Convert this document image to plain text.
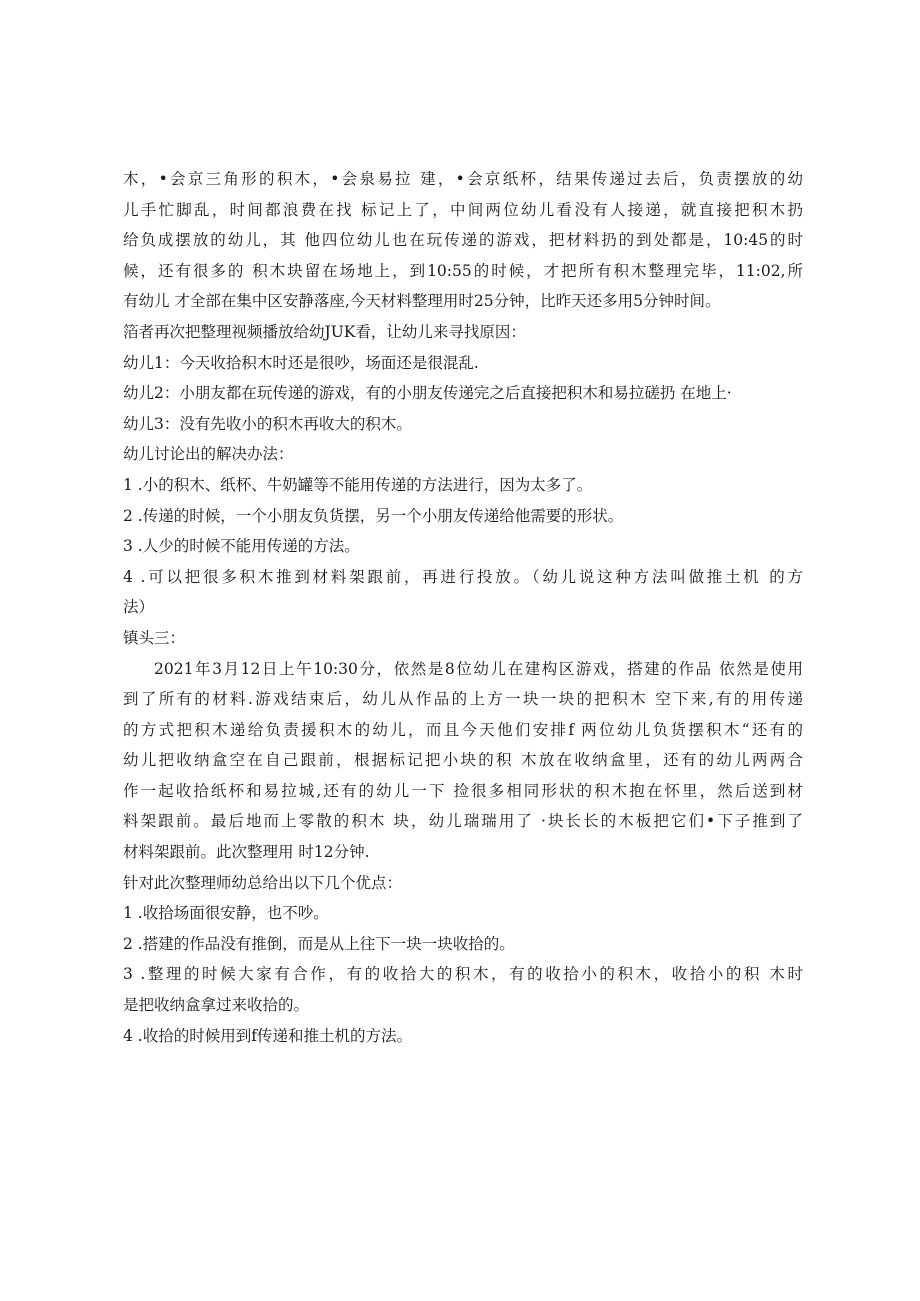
木，•会京三角形的积木，•会泉易拉 建，•会京纸杯，结果传递过去后，负责摆放的幼
儿手忙脚乱，时间都浪费在找 标记上了，中间两位幼儿看没有人接递，就直接把积木扔
给负成摆放的幼儿，其 他四位幼儿也在玩传递的游戏，把材料扔的到处都是，10:45的时
候，还有很多的 积木块留在场地上，到10:55的时候，才把所有积木整理完毕，11:02,所
有幼儿 才全部在集中区安静落座,今天材料整理用时25分钟，比昨天还多用5分钟时间。
箔者再次把整理视频播放给幼JUK看，让幼儿来寻找原因：
幼儿1：今天收拾积木时还是很吵，场面还是很混乱.
幼儿2：小朋友都在玩传递的游戏，有的小朋友传递完之后直接把积木和易拉磋扔 在地上·
幼儿3：没有先收小的积木再收大的积木。
幼儿讨论出的解决办法：
1 .小的积木、纸杯、牛奶罐等不能用传递的方法进行，因为太多了。
2 .传递的时候，一个小朋友负货摆，另一个小朋友传递给他需要的形状。
3 .人少的时候不能用传递的方法。
4 .可以把很多积木推到材料架跟前，再进行投放。（幼儿说这种方法叫做推土机 的方
法）
镇头三：
2021年3月12日上午10:30分，依然是8位幼儿在建构区游戏，搭建的作品 依然是使用
到了所有的材料.游戏结束后，幼儿从作品的上方一块一块的把积木 空下来,有的用传递
的方式把积木递给负责援积木的幼儿，而且今天他们安排f 两位幼儿负货摆积木“还有的
幼儿把收纳盒空在自己跟前，根据标记把小块的积 木放在收纳盒里，还有的幼儿两两合
作一起收拾纸杯和易拉城,还有的幼儿一下 捡很多相同形状的积木抱在怀里，然后送到材
料架跟前。最后地而上零散的积木 块，幼儿瑞瑞用了 ·块长长的木板把它们•下子推到了
材料架跟前。此次整理用 时12分钟.
针对此次整理师幼总给出以下几个优点：
1 .收拾场面很安静，也不吵。
2 .搭建的作品没有推倒，而是从上往下一块一块收拾的。
3 .整理的时候大家有合作，有的收拾大的积木，有的收拾小的积木，收拾小的积 木时
是把收纳盒拿过来收拾的。
4 .收拾的时候用到f传递和推土机的方法。
